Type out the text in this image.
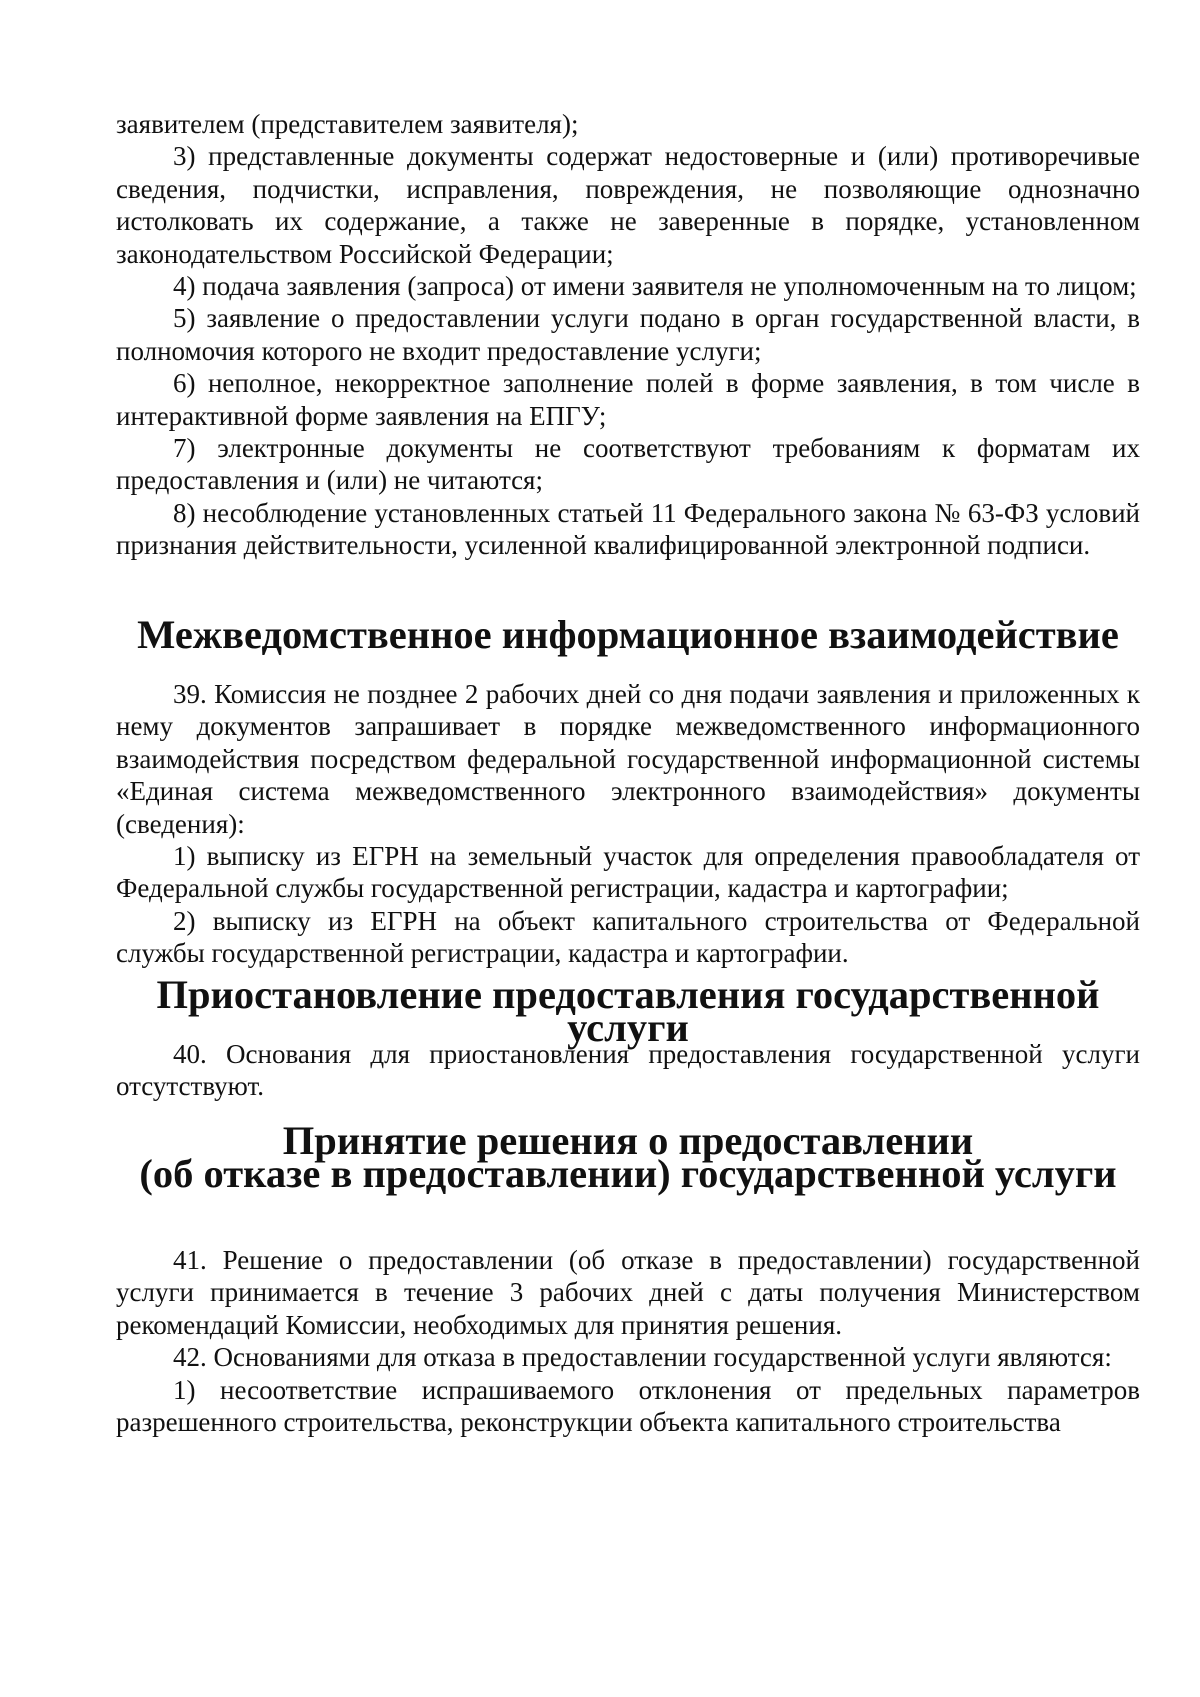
заявителем (представителем заявителя);

3) представленные документы содержат недостоверные и (или) противоречивые сведения, подчистки, исправления, повреждения, не позволяющие однозначно истолковать их содержание, а также не заверенные в порядке, установленном законодательством Российской Федерации;

4) подача заявления (запроса) от имени заявителя не уполномоченным на то лицом;

5) заявление о предоставлении услуги подано в орган государственной власти, в полномочия которого не входит предоставление услуги;

6) неполное, некорректное заполнение полей в форме заявления, в том числе в интерактивной форме заявления на ЕПГУ;

7) электронные документы не соответствуют требованиям к форматам их предоставления и (или) не читаются;

8) несоблюдение установленных статьей 11 Федерального закона № 63-ФЗ условий признания действительности, усиленной квалифицированной электронной подписи.

Межведомственное информационное взаимодействие

39. Комиссия не позднее 2 рабочих дней со дня подачи заявления и приложенных к нему документов запрашивает в порядке межведомственного информационного взаимодействия посредством федеральной государственной информационной системы «Единая система межведомственного электронного взаимодействия» документы (сведения):

1) выписку из ЕГРН на земельный участок для определения правообладателя от Федеральной службы государственной регистрации, кадастра и картографии;

2) выписку из ЕГРН на объект капитального строительства от Федеральной службы государственной регистрации, кадастра и картографии.

Приостановление предоставления государственной услуги

40. Основания для приостановления предоставления государственной услуги отсутствуют.

Принятие решения о предоставлении
(об отказе в предоставлении) государственной услуги

41. Решение о предоставлении (об отказе в предоставлении) государственной услуги принимается в течение 3 рабочих дней с даты получения Министерством рекомендаций Комиссии, необходимых для принятия решения.

42. Основаниями для отказа в предоставлении государственной услуги являются:

1) несоответствие испрашиваемого отклонения от предельных параметров разрешенного строительства, реконструкции объекта капитального строительства
